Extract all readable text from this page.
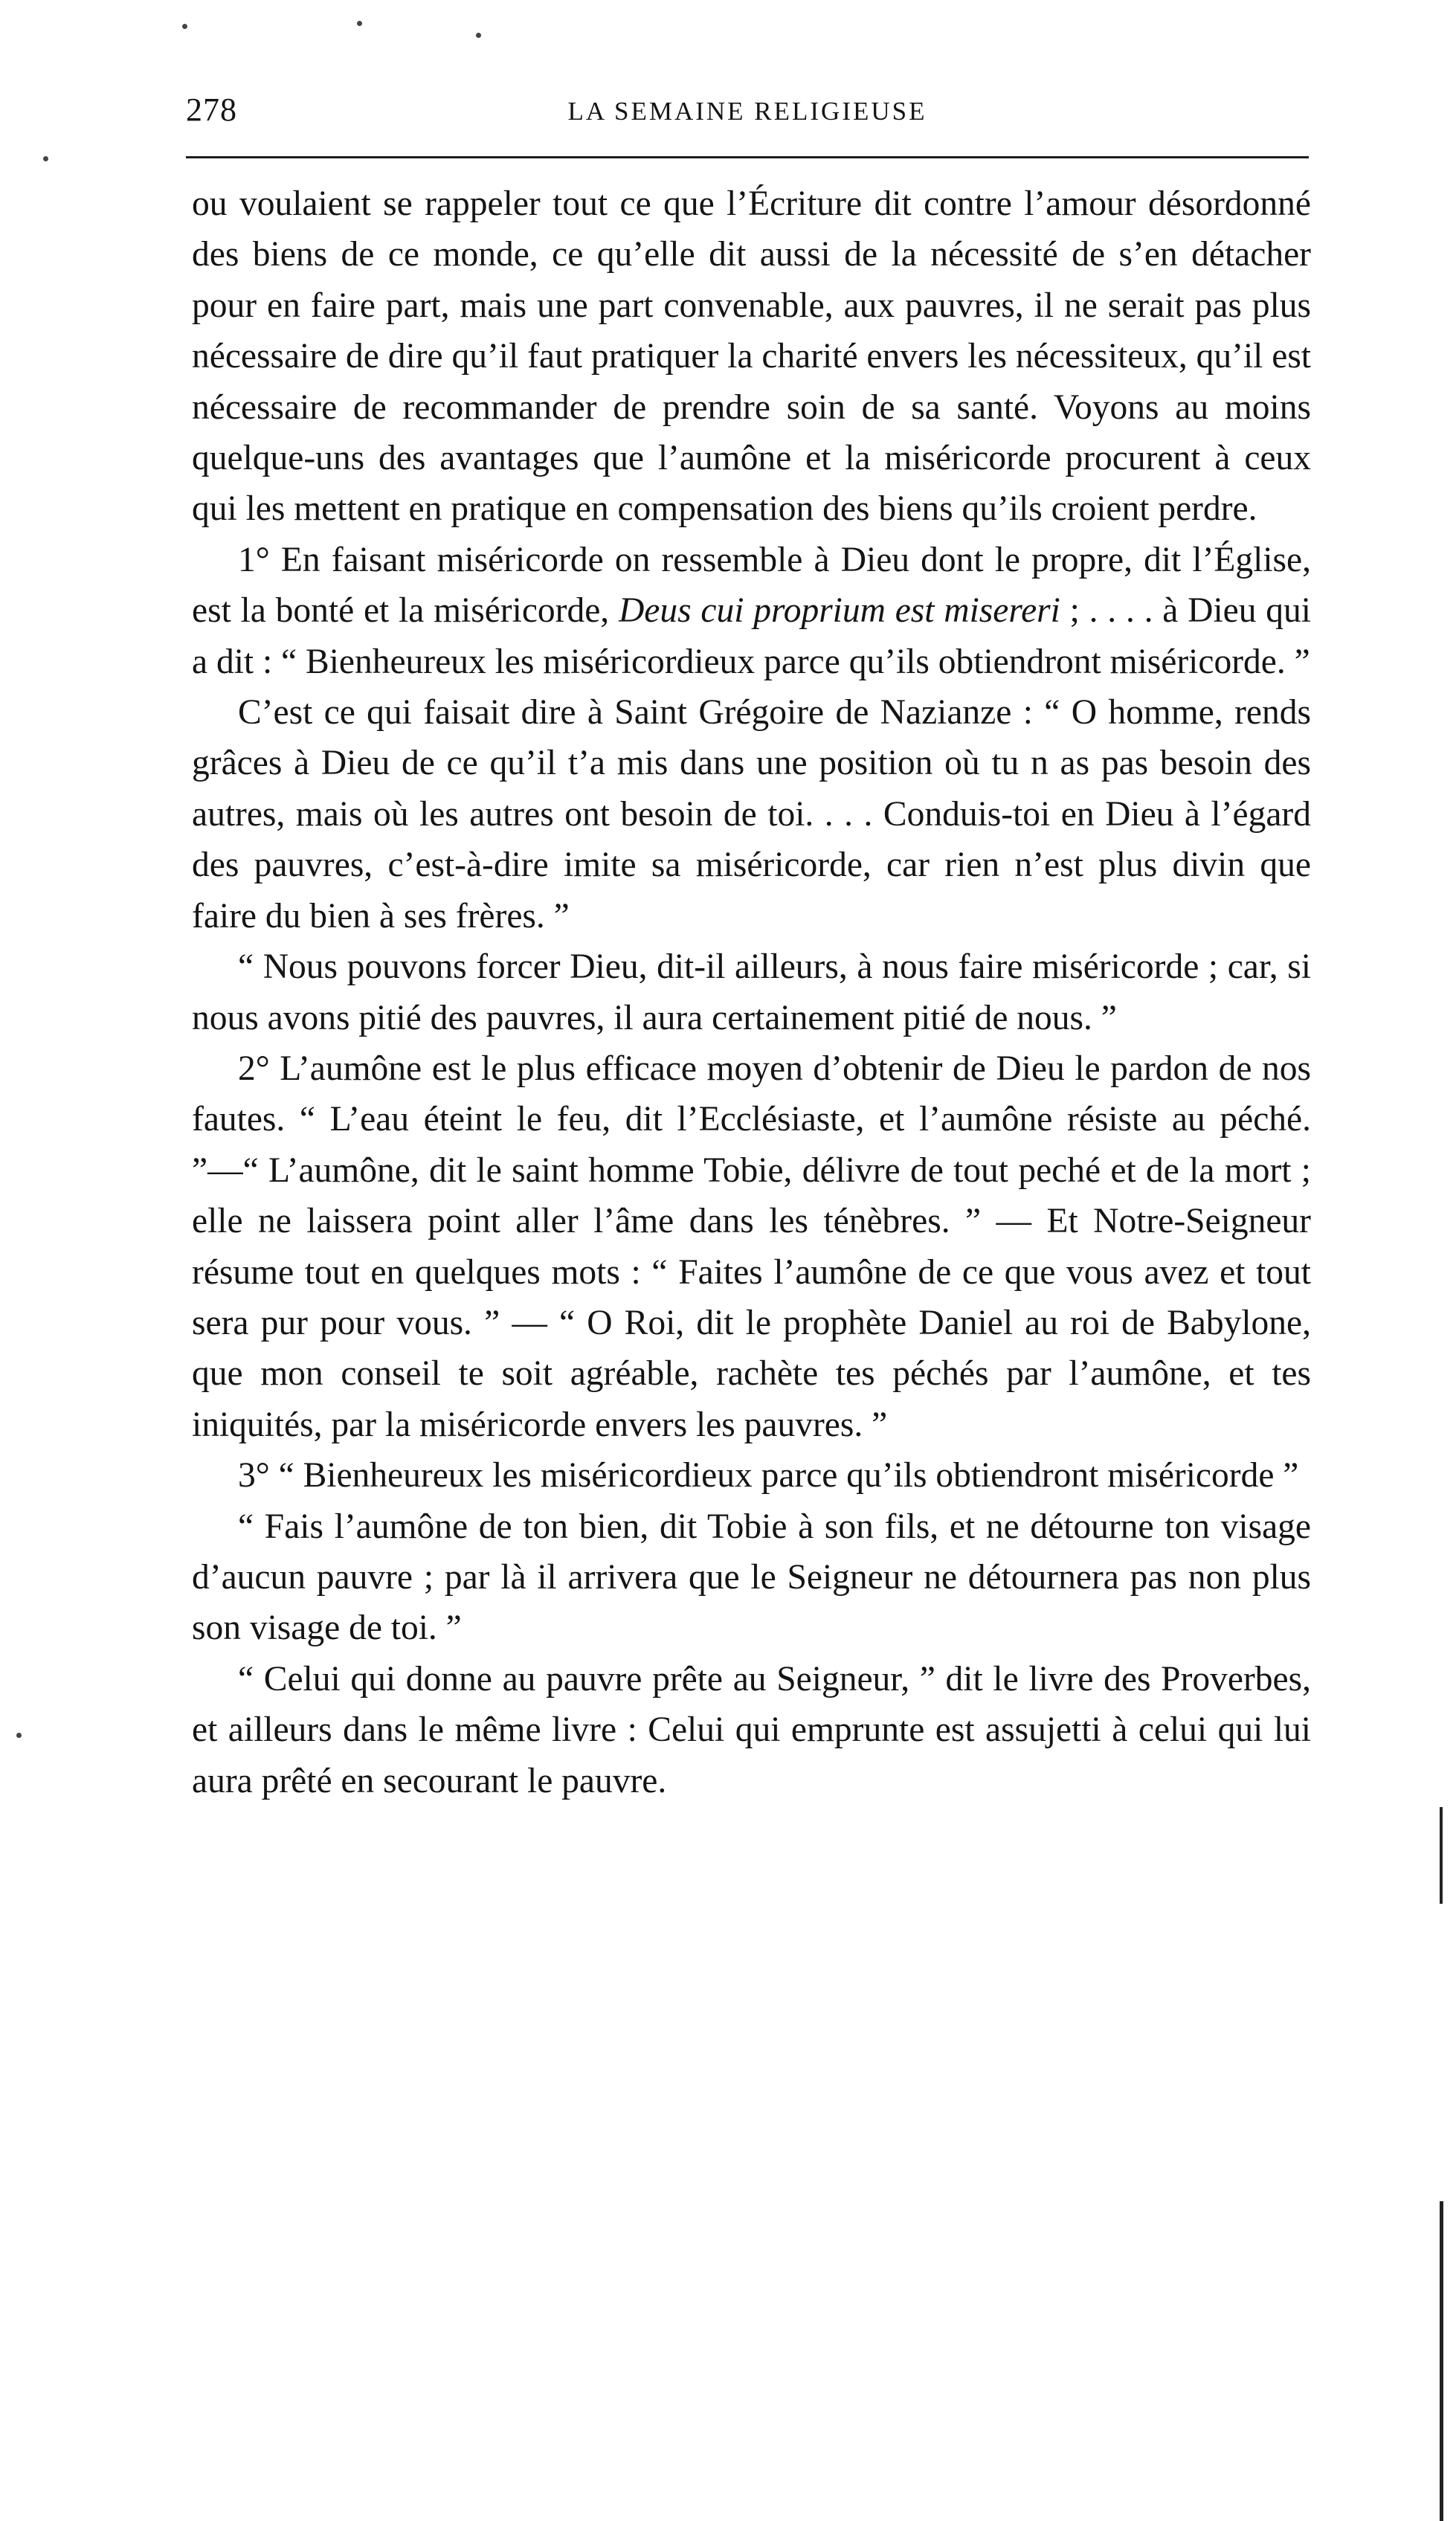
278	LA SEMAINE RELIGIEUSE

ou voulaient se rappeler tout ce que l’Écriture dit contre l’amour désordonné des biens de ce monde, ce qu’elle dit aussi de la nécessité de s’en détacher pour en faire part, mais une part convenable, aux pauvres, il ne serait pas plus nécessaire de dire qu’il faut pratiquer la charité envers les nécessiteux, qu’il est nécessaire de recommander de prendre soin de sa santé. Voyons au moins quelque-uns des avantages que l’aumône et la miséricorde procurent à ceux qui les mettent en pratique en compensation des biens qu’ils croient perdre.

1° En faisant miséricorde on ressemble à Dieu dont le propre, dit l’Église, est la bonté et la miséricorde, Deus cui proprium est misereri ; . . . . à Dieu qui a dit : “ Bienheureux les miséricordieux parce qu’ils obtiendront miséricorde. ”

C’est ce qui faisait dire à Saint Grégoire de Nazianze : “ O homme, rends grâces à Dieu de ce qu’il t’a mis dans une position où tu n as pas besoin des autres, mais où les autres ont besoin de toi. . . . Conduis-toi en Dieu à l’égard des pauvres, c’est-à-dire imite sa miséricorde, car rien n’est plus divin que faire du bien à ses frères. ”

“ Nous pouvons forcer Dieu, dit-il ailleurs, à nous faire miséricorde ; car, si nous avons pitié des pauvres, il aura certainement pitié de nous. ”

2° L’aumône est le plus efficace moyen d’obtenir de Dieu le pardon de nos fautes. “ L’eau éteint le feu, dit l’Ecclésiaste, et l’aumône résiste au péché. ”—“ L’aumône, dit le saint homme Tobie, délivre de tout peché et de la mort ; elle ne laissera point aller l’âme dans les ténèbres. ” — Et Notre-Seigneur résume tout en quelques mots : “ Faites l’aumône de ce que vous avez et tout sera pur pour vous. ” — “ O Roi, dit le prophète Daniel au roi de Babylone, que mon conseil te soit agréable, rachète tes péchés par l’aumône, et tes iniquités, par la miséricorde envers les pauvres. ”

3° “ Bienheureux les miséricordieux parce qu’ils obtiendront miséricorde ”

“ Fais l’aumône de ton bien, dit Tobie à son fils, et ne détourne ton visage d’aucun pauvre ; par là il arrivera que le Seigneur ne détournera pas non plus son visage de toi. ”

“ Celui qui donne au pauvre prête au Seigneur, ” dit le livre des Proverbes, et ailleurs dans le même livre : Celui qui emprunte est assujetti à celui qui lui aura prêté en secourant le pauvre.
